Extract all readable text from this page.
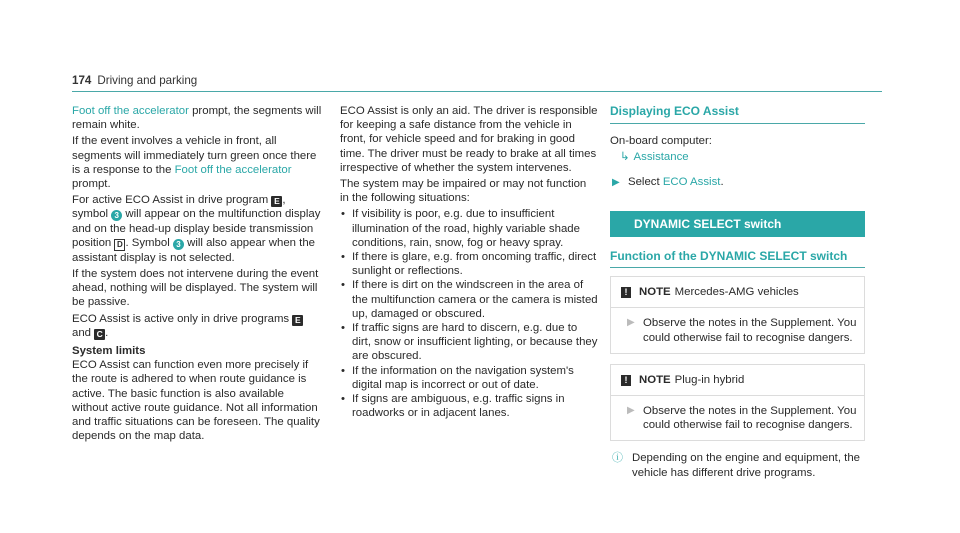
174 Driving and parking

Foot off the accelerator prompt, the segments will remain white.

If the event involves a vehicle in front, all segments will immediately turn green once there is a response to the Foot off the accelerator prompt.

For active ECO Assist in drive program E , symbol 3 will appear on the multifunction display and on the head-up display beside transmission position D . Symbol 3 will also appear when the assistant display is not selected.

If the system does not intervene during the event ahead, nothing will be displayed. The system will be passive.

ECO Assist is active only in drive programs E
and C .

System limits

ECO Assist can function even more precisely if the route is adhered to when route guidance is active. The basic function is also available without active route guidance. Not all information and traffic situations can be foreseen. The quality depends on the map data.

ECO Assist is only an aid. The driver is responsible for keeping a safe distance from the vehicle in front, for vehicle speed and for braking in good time. The driver must be ready to brake at all times irrespective of whether the system intervenes.

The system may be impaired or may not function in the following situations:

• If visibility is poor, e.g. due to insufficient illumination of the road, highly variable shade conditions, rain, snow, fog or heavy spray.
• If there is glare, e.g. from oncoming traffic, direct sunlight or reflections.
• If there is dirt on the windscreen in the area of the multifunction camera or the camera is misted up, damaged or obscured.
• If traffic signs are hard to discern, e.g. due to dirt, snow or insufficient lighting, or because they are obscured.
• If the information on the navigation system's digital map is incorrect or out of date.
• If signs are ambiguous, e.g. traffic signs in roadworks or in adjacent lanes.
Displaying ECO Assist

On-board computer:

↳ Assistance
▶ Select ECO Assist.
DYNAMIC SELECT switch
Function of the DYNAMIC SELECT switch
! NOTE Mercedes-AMG vehicles
▶ Observe the notes in the Supplement. You could otherwise fail to recognise dangers.
! NOTE Plug-in hybrid
▶ Observe the notes in the Supplement. You could otherwise fail to recognise dangers.
ⓘ Depending on the engine and equipment, the vehicle has different drive programs.
